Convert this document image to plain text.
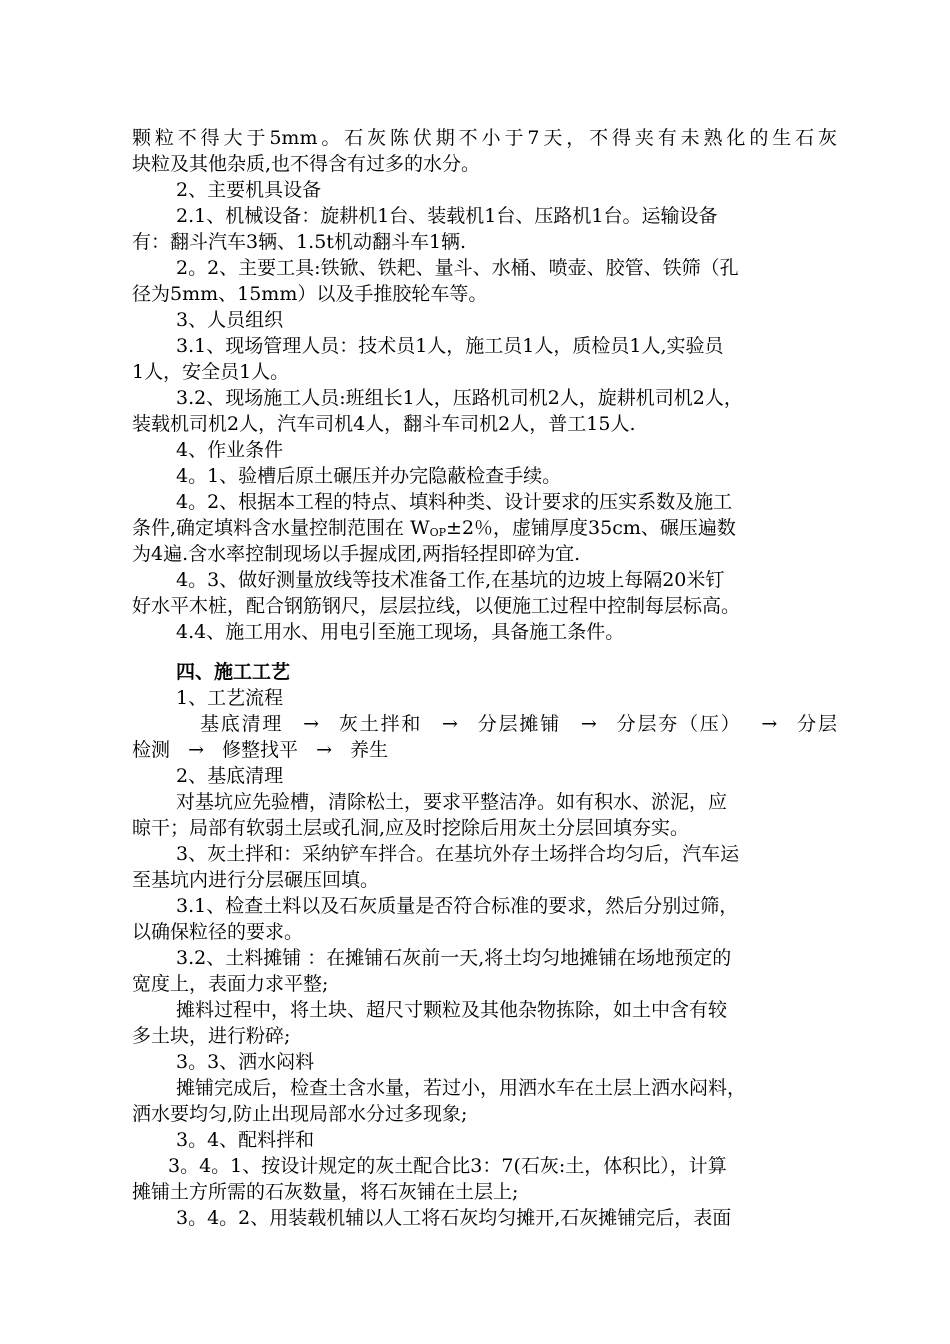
颗粒不得大于5mm。石灰陈伏期不小于7天，不得夹有未熟化的生石灰
块粒及其他杂质,也不得含有过多的水分。
2、主要机具设备
2.1、机械设备：旋耕机1台、装载机1台、压路机1台。运输设备
有：翻斗汽车3辆、1.5t机动翻斗车1辆.
2。2、主要工具:铁锨、铁耙、量斗、水桶、喷壶、胶管、铁筛（孔
径为5mm、15mm）以及手推胶轮车等。
3、人员组织
3.1、现场管理人员：技术员1人，施工员1人，质检员1人,实验员
1人，安全员1人。
3.2、现场施工人员:班组长1人，压路机司机2人，旋耕机司机2人，
装载机司机2人，汽车司机4人，翻斗车司机2人，普工15人.
4、作业条件
4。1、验槽后原土碾压并办完隐蔽检查手续。
4。2、根据本工程的特点、填料种类、设计要求的压实系数及施工
条件,确定填料含水量控制范围在 $W_{OP}\pm 2$％，虚铺厚度35cm、碾压遍数
为4遍.含水率控制现场以手握成团,两指轻捏即碎为宜.
4。3、做好测量放线等技术准备工作,在基坑的边坡上每隔20米钉
好水平木桩，配合钢筋钢尺，层层拉线，以便施工过程中控制每层标高。
4.4、施工用水、用电引至施工现场，具备施工条件。
四、施工工艺
1、工艺流程
基底清理 → 灰土拌和 → 分层摊铺 → 分层夯（压） → 分层
检测 → 修整找平 → 养生
2、基底清理
对基坑应先验槽，清除松土，要求平整洁净。如有积水、淤泥，应
晾干；局部有软弱土层或孔洞,应及时挖除后用灰土分层回填夯实。
3、灰土拌和：采纳铲车拌合。在基坑外存土场拌合均匀后，汽车运
至基坑内进行分层碾压回填。
3.1、检查土料以及石灰质量是否符合标准的要求，然后分别过筛，
以确保粒径的要求。
3.2、土料摊铺 ：在摊铺石灰前一天,将土均匀地摊铺在场地预定的
宽度上，表面力求平整;
摊料过程中，将土块、超尺寸颗粒及其他杂物拣除，如土中含有较
多土块，进行粉碎;
3。3、洒水闷料
摊铺完成后，检查土含水量，若过小，用洒水车在土层上洒水闷料，
洒水要均匀,防止出现局部水分过多现象;
3。4、配料拌和
3。4。1、按设计规定的灰土配合比3：7(石灰:土，体积比），计算
摊铺土方所需的石灰数量，将石灰铺在土层上;
3。4。2、用装载机辅以人工将石灰均匀摊开,石灰摊铺完后，表面
